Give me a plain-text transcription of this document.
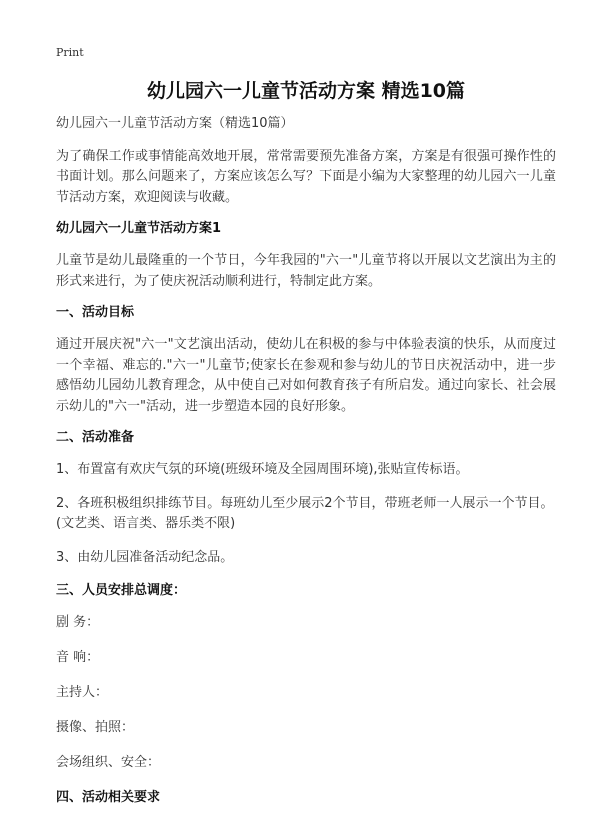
Print
幼儿园六一儿童节活动方案 精选10篇
幼儿园六一儿童节活动方案（精选10篇）
为了确保工作或事情能高效地开展，常常需要预先准备方案，方案是有很强可操作性的书面计划。那么问题来了，方案应该怎么写？下面是小编为大家整理的幼儿园六一儿童节活动方案，欢迎阅读与收藏。
幼儿园六一儿童节活动方案1
儿童节是幼儿最隆重的一个节日，今年我园的"六一"儿童节将以开展以文艺演出为主的形式来进行，为了使庆祝活动顺利进行，特制定此方案。
一、活动目标
通过开展庆祝"六一"文艺演出活动，使幼儿在积极的参与中体验表演的快乐，从而度过一个幸福、难忘的."六一"儿童节;使家长在参观和参与幼儿的节日庆祝活动中，进一步感悟幼儿园幼儿教育理念，从中使自己对如何教育孩子有所启发。通过向家长、社会展示幼儿的"六一"活动，进一步塑造本园的良好形象。
二、活动准备
1、布置富有欢庆气氛的环境(班级环境及全园周围环境),张贴宣传标语。
2、各班积极组织排练节目。每班幼儿至少展示2个节目，带班老师一人展示一个节目。(文艺类、语言类、器乐类不限)
3、由幼儿园准备活动纪念品。
三、人员安排总调度：
剧 务：
音 响：
主持人：
摄像、拍照：
会场组织、安全：
四、活动相关要求
